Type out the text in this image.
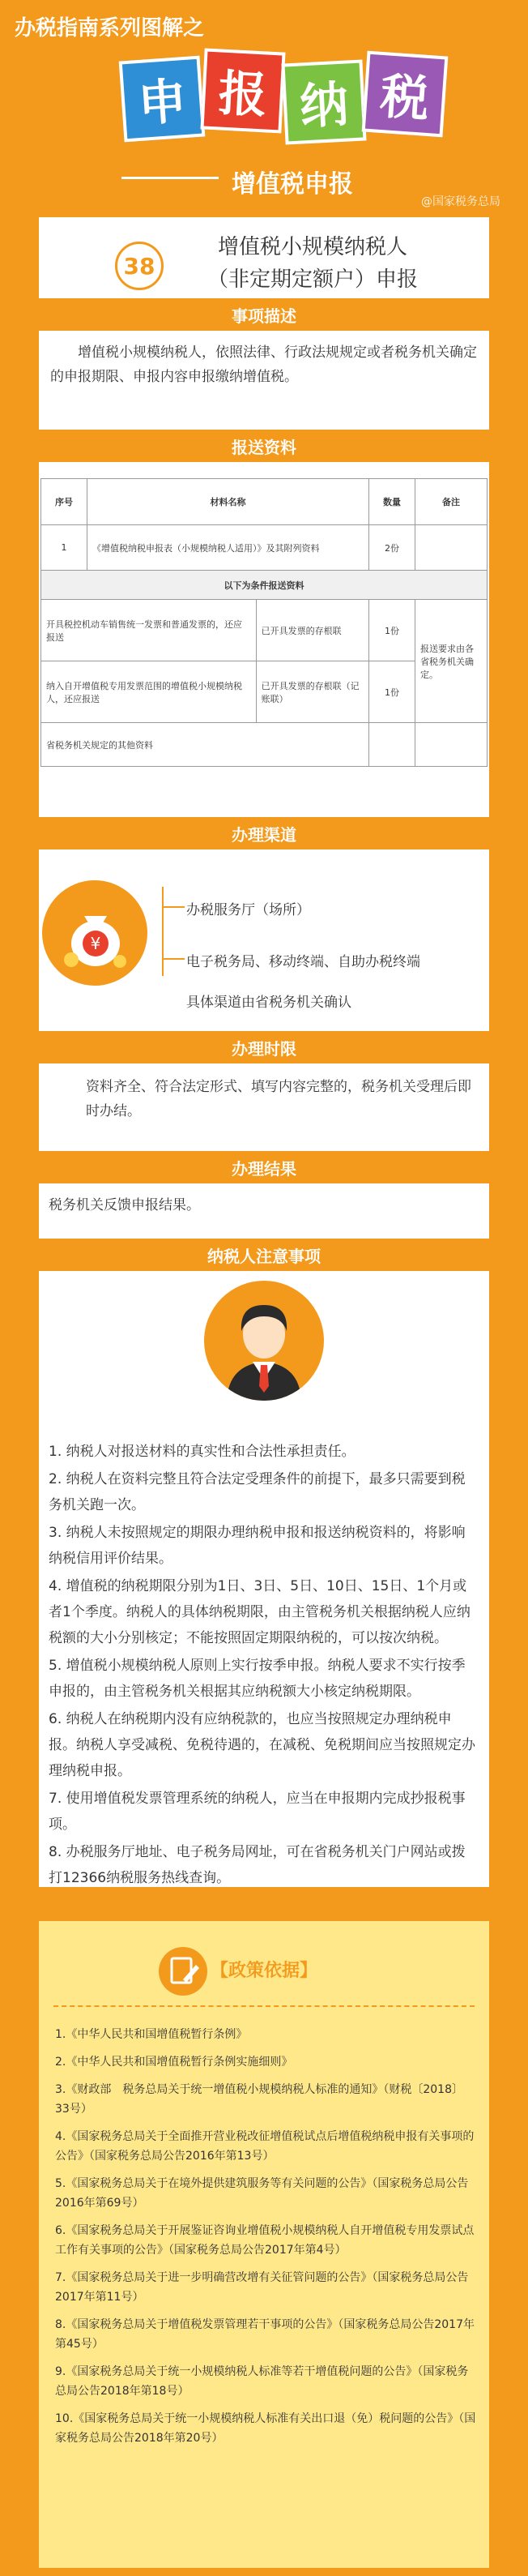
办税指南系列图解之
申 报 纳 税
增值税申报
@国家税务总局
38
增值税小规模纳税人
（非定期定额户）申报
事项描述
增值税小规模纳税人，依照法律、行政法规规定或者税务机关确定的申报期限、申报内容申报缴纳增值税。
报送资料
序号	材料名称		数量	备注
1	《增值税纳税申报表（小规模纳税人适用）》及其附列资料		2份	
以下为条件报送资料				
开具税控机动车销售统一发票和普通发票的，还应报送		已开具发票的存根联	1份	报送要求由各省税务机关确定。
纳入自开增值税专用发票范围的增值税小规模纳税人，还应报送		已开具发票的存根联（记账联）	1份	
省税务机关规定的其他资料				
办理渠道
¥
办税服务厅（场所）
电子税务局、移动终端、自助办税终端
具体渠道由省税务机关确认
办理时限
资料齐全、符合法定形式、填写内容完整的，税务机关受理后即时办结。
办理结果
税务机关反馈申报结果。
纳税人注意事项

1. 纳税人对报送材料的真实性和合法性承担责任。

2. 纳税人在资料完整且符合法定受理条件的前提下，最多只需要到税务机关跑一次。

3. 纳税人未按照规定的期限办理纳税申报和报送纳税资料的，将影响纳税信用评价结果。

4. 增值税的纳税期限分别为1日、3日、5日、10日、15日、1个月或者1个季度。纳税人的具体纳税期限，由主管税务机关根据纳税人应纳税额的大小分别核定；不能按照固定期限纳税的，可以按次纳税。

5. 增值税小规模纳税人原则上实行按季申报。纳税人要求不实行按季申报的，由主管税务机关根据其应纳税额大小核定纳税期限。

6. 纳税人在纳税期内没有应纳税款的，也应当按照规定办理纳税申报。纳税人享受减税、免税待遇的，在减税、免税期间应当按照规定办理纳税申报。

7. 使用增值税发票管理系统的纳税人，应当在申报期内完成抄报税事项。

8. 办税服务厅地址、电子税务局网址，可在省税务机关门户网站或拨打12366纳税服务热线查询。

【政策依据】

1.《中华人民共和国增值税暂行条例》

2.《中华人民共和国增值税暂行条例实施细则》

3.《财政部　税务总局关于统一增值税小规模纳税人标准的通知》（财税〔2018〕33号）

4.《国家税务总局关于全面推开营业税改征增值税试点后增值税纳税申报有关事项的公告》（国家税务总局公告2016年第13号）

5.《国家税务总局关于在境外提供建筑服务等有关问题的公告》（国家税务总局公告2016年第69号）

6.《国家税务总局关于开展鉴证咨询业增值税小规模纳税人自开增值税专用发票试点工作有关事项的公告》（国家税务总局公告2017年第4号）

7.《国家税务总局关于进一步明确营改增有关征管问题的公告》（国家税务总局公告2017年第11号）

8.《国家税务总局关于增值税发票管理若干事项的公告》（国家税务总局公告2017年第45号）

9.《国家税务总局关于统一小规模纳税人标准等若干增值税问题的公告》（国家税务总局公告2018年第18号）

10.《国家税务总局关于统一小规模纳税人标准有关出口退（免）税问题的公告》（国家税务总局公告2018年第20号）
